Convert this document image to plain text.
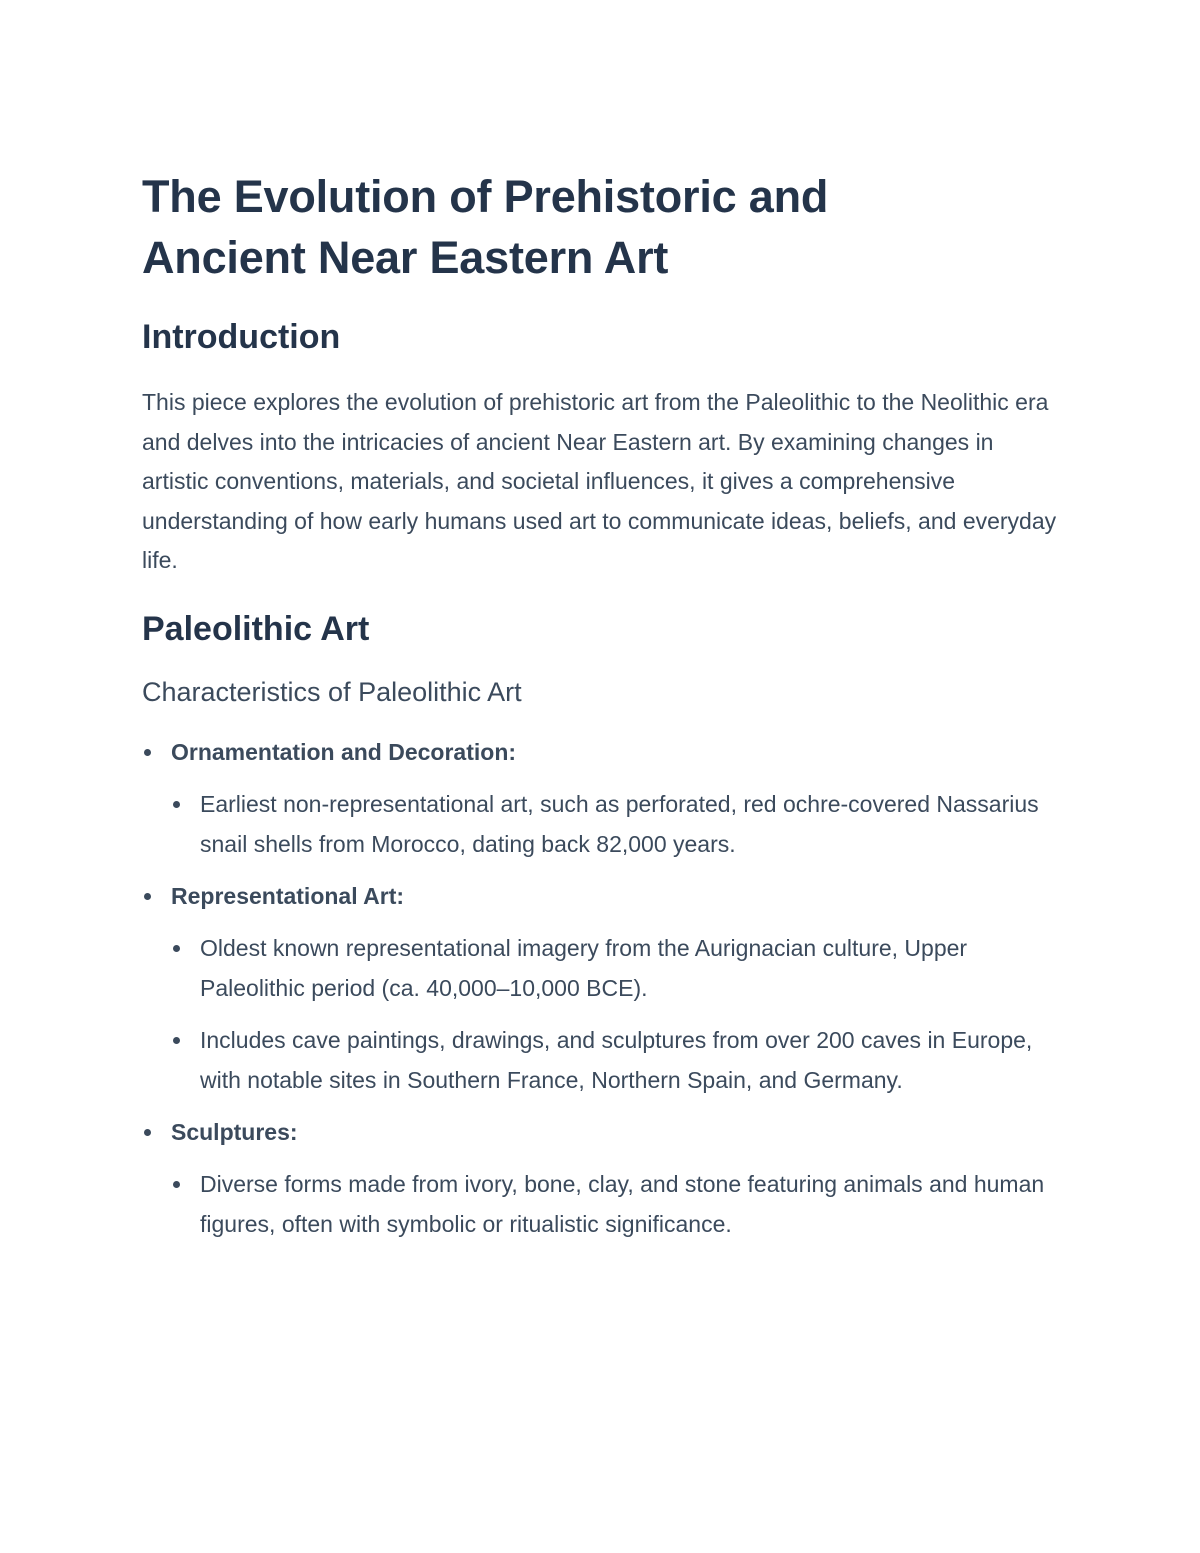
The Evolution of Prehistoric and
Ancient Near Eastern Art
Introduction

This piece explores the evolution of prehistoric art from the Paleolithic to the Neolithic era and delves into the intricacies of ancient Near Eastern art. By examining changes in artistic conventions, materials, and societal influences, it gives a comprehensive understanding of how early humans used art to communicate ideas, beliefs, and everyday life.

Paleolithic Art
Characteristics of Paleolithic Art
Ornamentation and Decoration:
Earliest non-representational art, such as perforated, red ochre-covered Nassarius snail shells from Morocco, dating back 82,000 years.
Representational Art:
Oldest known representational imagery from the Aurignacian culture, Upper Paleolithic period (ca. 40,000–10,000 BCE).
Includes cave paintings, drawings, and sculptures from over 200 caves in Europe, with notable sites in Southern France, Northern Spain, and Germany.
Sculptures:
Diverse forms made from ivory, bone, clay, and stone featuring animals and human figures, often with symbolic or ritualistic significance.
